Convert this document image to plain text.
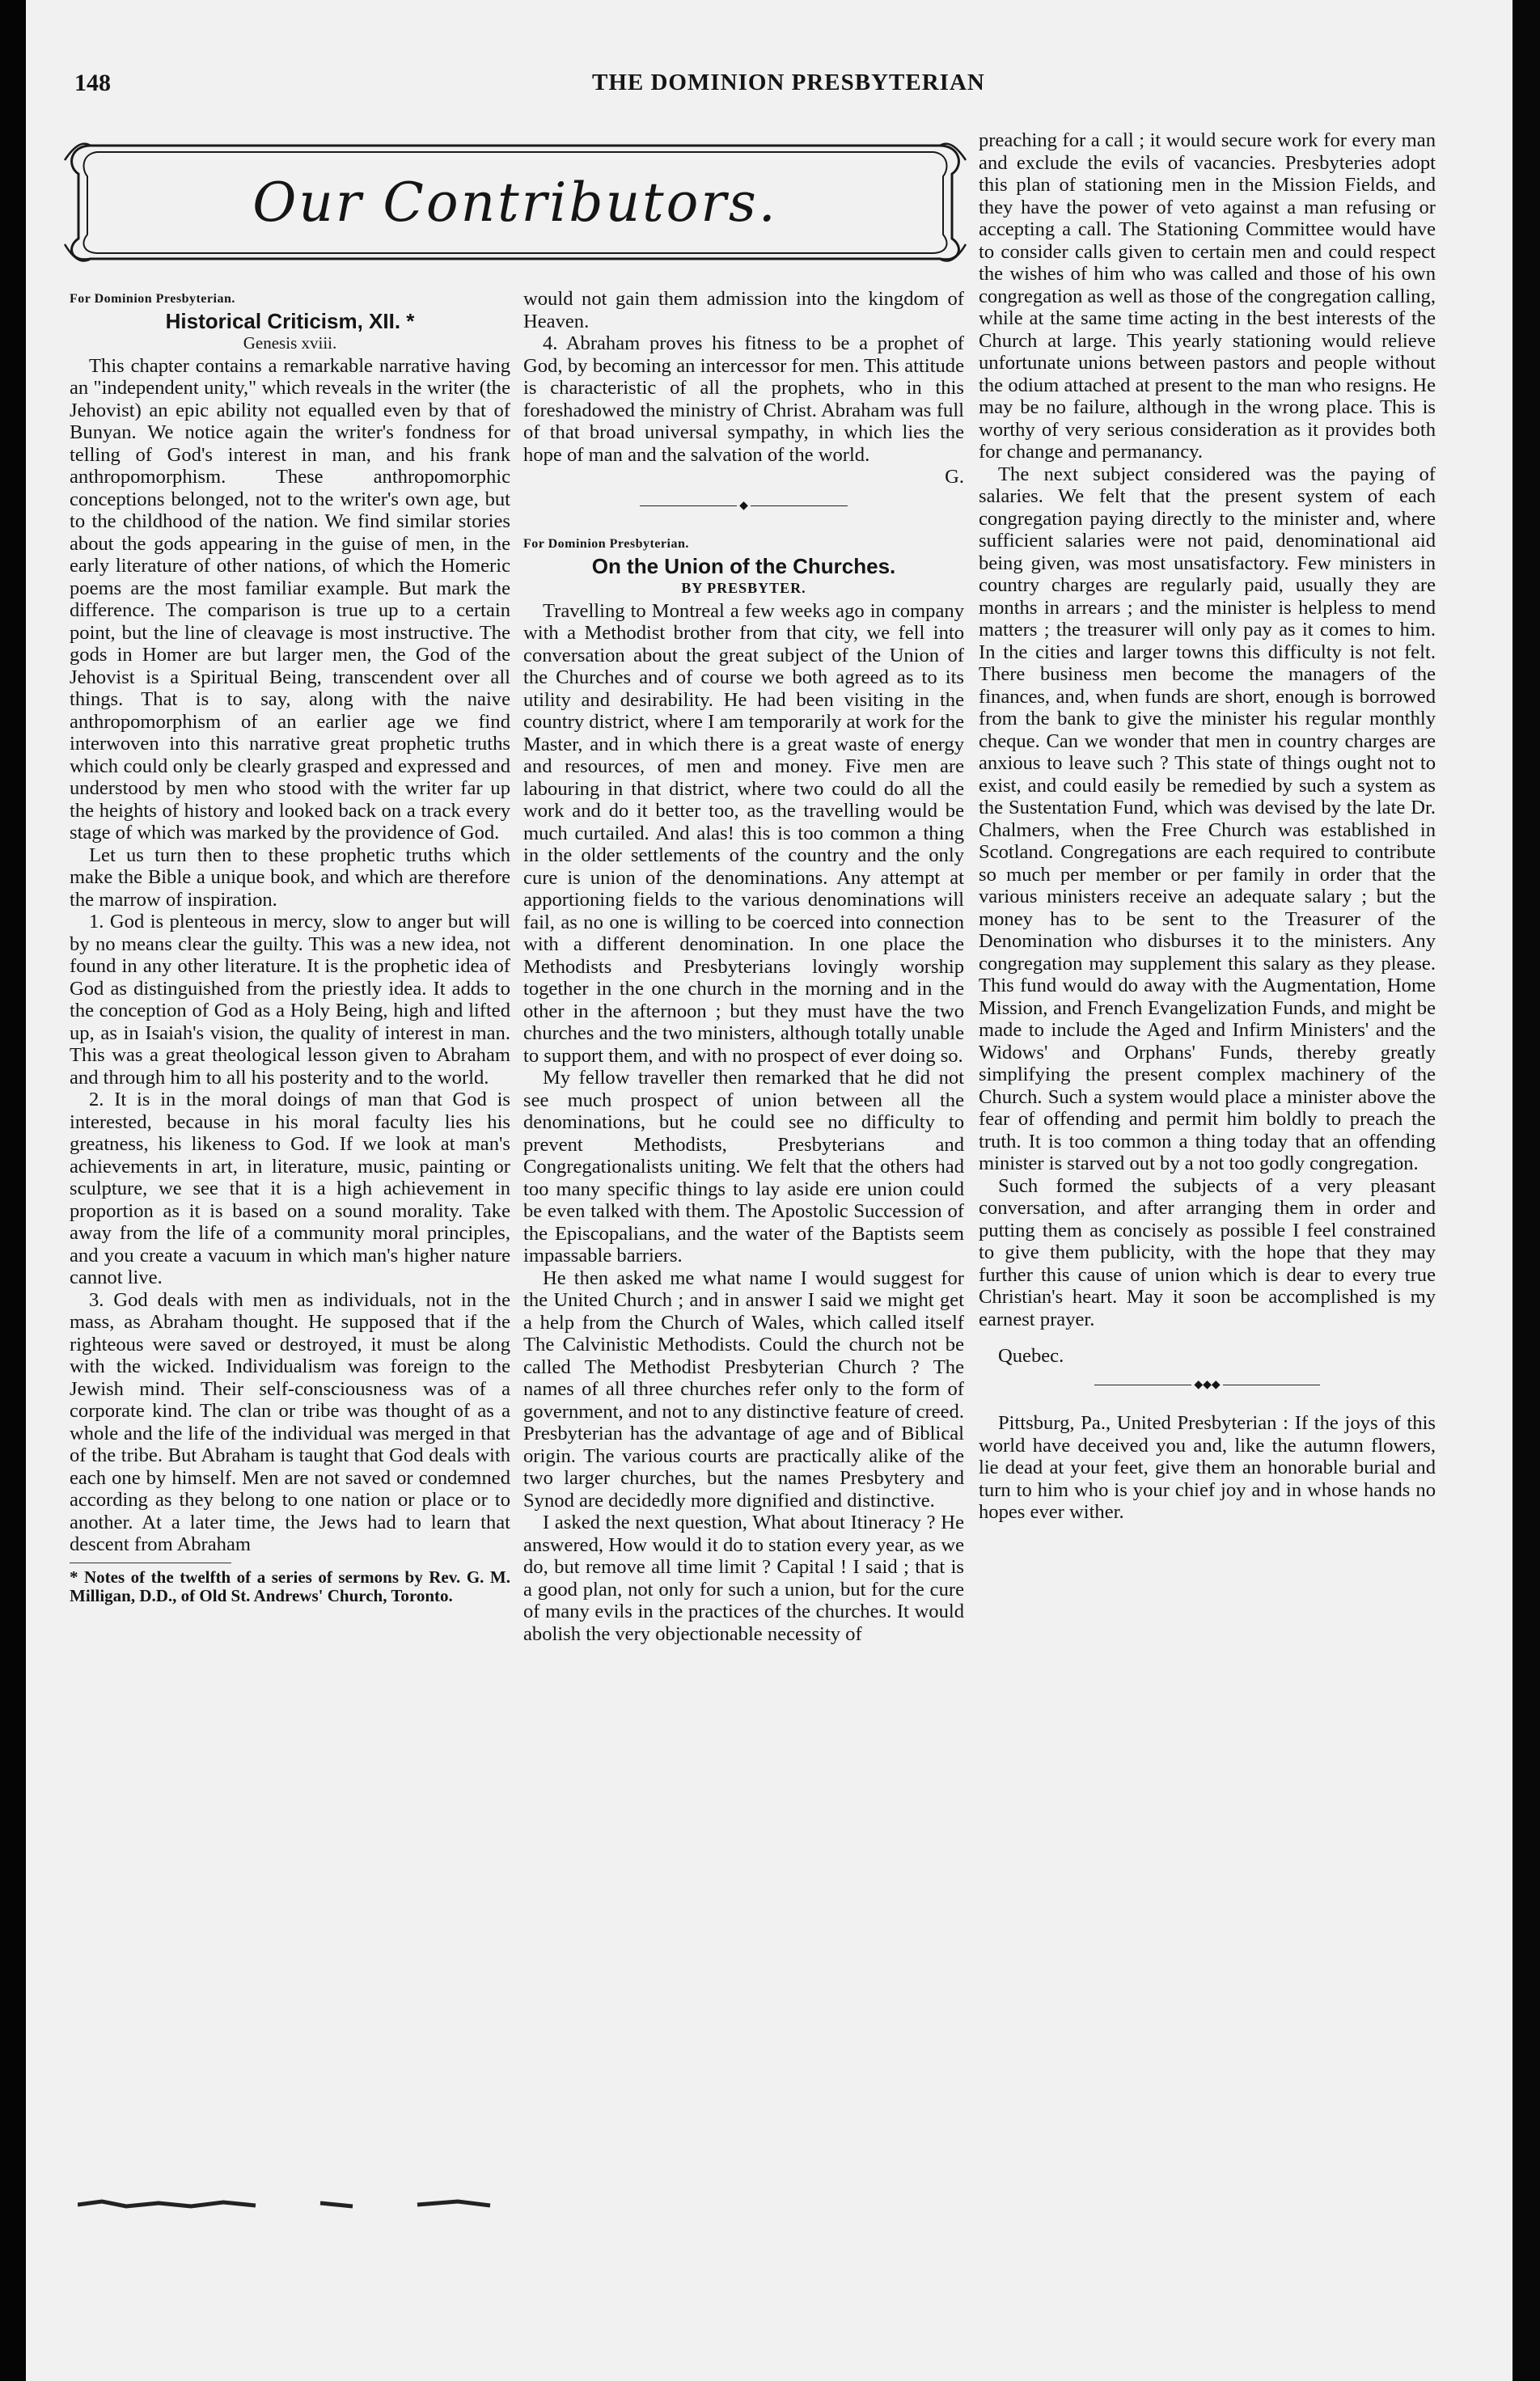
148	THE DOMINION PRESBYTERIAN
Our Contributors.

For Dominion Presbyterian.

Historical Criticism, XII. *

Genesis xviii.

This chapter contains a remarkable narrative having an "independent unity," which reveals in the writer (the Jehovist) an epic ability not equalled even by that of Bunyan. We notice again the writer's fondness for telling of God's interest in man, and his frank anthropomorphism. These anthropomorphic conceptions belonged, not to the writer's own age, but to the childhood of the nation. We find similar stories about the gods appearing in the guise of men, in the early literature of other nations, of which the Homeric poems are the most familiar example. But mark the difference. The comparison is true up to a certain point, but the line of cleavage is most instructive. The gods in Homer are but larger men, the God of the Jehovist is a Spiritual Being, transcendent over all things. That is to say, along with the naive anthropomorphism of an earlier age we find interwoven into this narrative great prophetic truths which could only be clearly grasped and expressed and understood by men who stood with the writer far up the heights of history and looked back on a track every stage of which was marked by the providence of God.

Let us turn then to these prophetic truths which make the Bible a unique book, and which are therefore the marrow of inspiration.

1. God is plenteous in mercy, slow to anger but will by no means clear the guilty. This was a new idea, not found in any other literature. It is the prophetic idea of God as distinguished from the priestly idea. It adds to the conception of God as a Holy Being, high and lifted up, as in Isaiah's vision, the quality of interest in man. This was a great theological lesson given to Abraham and through him to all his posterity and to the world.

2. It is in the moral doings of man that God is interested, because in his moral faculty lies his greatness, his likeness to God. If we look at man's achievements in art, in literature, music, painting or sculpture, we see that it is a high achievement in proportion as it is based on a sound morality. Take away from the life of a community moral principles, and you create a vacuum in which man's higher nature cannot live.

3. God deals with men as individuals, not in the mass, as Abraham thought. He supposed that if the righteous were saved or destroyed, it must be along with the wicked. Individualism was foreign to the Jewish mind. Their self-consciousness was of a corporate kind. The clan or tribe was thought of as a whole and the life of the individual was merged in that of the tribe. But Abraham is taught that God deals with each one by himself. Men are not saved or condemned according as they belong to one nation or place or to another. At a later time, the Jews had to learn that descent from Abraham

* Notes of the twelfth of a series of sermons by Rev. G. M. Milligan, D.D., of Old St. Andrews' Church, Toronto.

would not gain them admission into the kingdom of Heaven.

4. Abraham proves his fitness to be a prophet of God, by becoming an intercessor for men. This attitude is characteristic of all the prophets, who in this foreshadowed the ministry of Christ. Abraham was full of that broad universal sympathy, in which lies the hope of man and the salvation of the world.

G.

◆

For Dominion Presbyterian.

On the Union of the Churches.

BY PRESBYTER.

Travelling to Montreal a few weeks ago in company with a Methodist brother from that city, we fell into conversation about the great subject of the Union of the Churches and of course we both agreed as to its utility and desirability. He had been visiting in the country district, where I am temporarily at work for the Master, and in which there is a great waste of energy and resources, of men and money. Five men are labouring in that district, where two could do all the work and do it better too, as the travelling would be much curtailed. And alas! this is too common a thing in the older settlements of the country and the only cure is union of the denominations. Any attempt at apportioning fields to the various denominations will fail, as no one is willing to be coerced into connection with a different denomination. In one place the Methodists and Presbyterians lovingly worship together in the one church in the morning and in the other in the afternoon ; but they must have the two churches and the two ministers, although totally unable to support them, and with no prospect of ever doing so.

My fellow traveller then remarked that he did not see much prospect of union between all the denominations, but he could see no difficulty to prevent Methodists, Presbyterians and Congregationalists uniting. We felt that the others had too many specific things to lay aside ere union could be even talked with them. The Apostolic Succession of the Episcopalians, and the water of the Baptists seem impassable barriers.

He then asked me what name I would suggest for the United Church ; and in answer I said we might get a help from the Church of Wales, which called itself The Calvinistic Methodists. Could the church not be called The Methodist Presbyterian Church ? The names of all three churches refer only to the form of government, and not to any distinctive feature of creed. Presbyterian has the advantage of age and of Biblical origin. The various courts are practically alike of the two larger churches, but the names Presbytery and Synod are decidedly more dignified and distinctive.

I asked the next question, What about Itineracy ? He answered, How would it do to station every year, as we do, but remove all time limit ? Capital ! I said ; that is a good plan, not only for such a union, but for the cure of many evils in the practices of the churches. It would abolish the very objectionable necessity of

preaching for a call ; it would secure work for every man and exclude the evils of vacancies. Presbyteries adopt this plan of stationing men in the Mission Fields, and they have the power of veto against a man refusing or accepting a call. The Stationing Committee would have to consider calls given to certain men and could respect the wishes of him who was called and those of his own congregation as well as those of the congregation calling, while at the same time acting in the best interests of the Church at large. This yearly stationing would relieve unfortunate unions between pastors and people without the odium attached at present to the man who resigns. He may be no failure, although in the wrong place. This is worthy of very serious consideration as it provides both for change and permanancy.

The next subject considered was the paying of salaries. We felt that the present system of each congregation paying directly to the minister and, where sufficient salaries were not paid, denominational aid being given, was most unsatisfactory. Few ministers in country charges are regularly paid, usually they are months in arrears ; and the minister is helpless to mend matters ; the treasurer will only pay as it comes to him. In the cities and larger towns this difficulty is not felt. There business men become the managers of the finances, and, when funds are short, enough is borrowed from the bank to give the minister his regular monthly cheque. Can we wonder that men in country charges are anxious to leave such ? This state of things ought not to exist, and could easily be remedied by such a system as the Sustentation Fund, which was devised by the late Dr. Chalmers, when the Free Church was established in Scotland. Congregations are each required to contribute so much per member or per family in order that the various ministers receive an adequate salary ; but the money has to be sent to the Treasurer of the Denomination who disburses it to the ministers. Any congregation may supplement this salary as they please. This fund would do away with the Augmentation, Home Mission, and French Evangelization Funds, and might be made to include the Aged and Infirm Ministers' and the Widows' and Orphans' Funds, thereby greatly simplifying the present complex machinery of the Church. Such a system would place a minister above the fear of offending and permit him boldly to preach the truth. It is too common a thing today that an offending minister is starved out by a not too godly congregation.

Such formed the subjects of a very pleasant conversation, and after arranging them in order and putting them as concisely as possible I feel constrained to give them publicity, with the hope that they may further this cause of union which is dear to every true Christian's heart. May it soon be accomplished is my earnest prayer.

Quebec.

◆◆◆

Pittsburg, Pa., United Presbyterian : If the joys of this world have deceived you and, like the autumn flowers, lie dead at your feet, give them an honorable burial and turn to him who is your chief joy and in whose hands no hopes ever wither.
